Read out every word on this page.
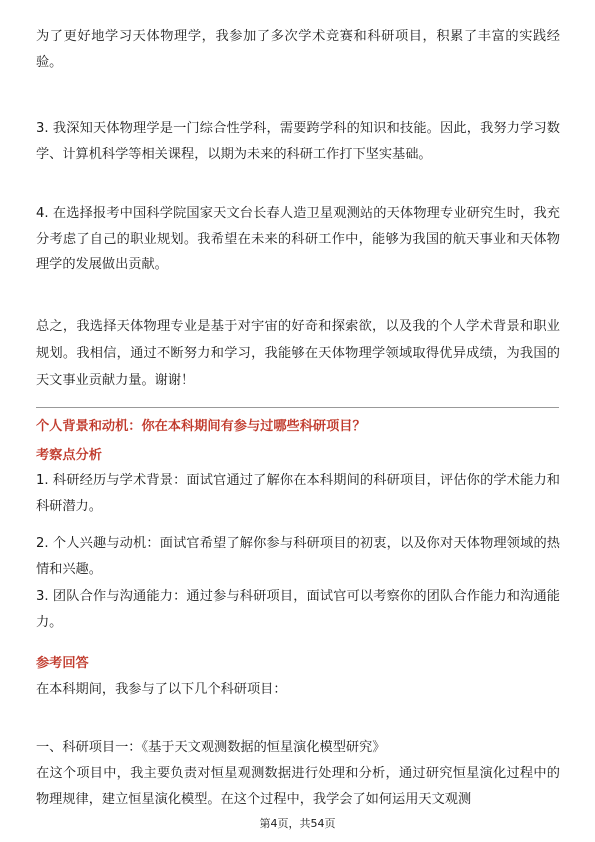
为了更好地学习天体物理学，我参加了多次学术竞赛和科研项目，积累了丰富的实践经验。

3. 我深知天体物理学是一门综合性学科，需要跨学科的知识和技能。因此，我努力学习数学、计算机科学等相关课程，以期为未来的科研工作打下坚实基础。

4. 在选择报考中国科学院国家天文台长春人造卫星观测站的天体物理专业研究生时，我充分考虑了自己的职业规划。我希望在未来的科研工作中，能够为我国的航天事业和天体物理学的发展做出贡献。

总之，我选择天体物理专业是基于对宇宙的好奇和探索欲，以及我的个人学术背景和职业规划。我相信，通过不断努力和学习，我能够在天体物理学领域取得优异成绩，为我国的天文事业贡献力量。谢谢！

个人背景和动机：你在本科期间有参与过哪些科研项目？

考察点分析

1. 科研经历与学术背景：面试官通过了解你在本科期间的科研项目，评估你的学术能力和科研潜力。

2. 个人兴趣与动机：面试官希望了解你参与科研项目的初衷，以及你对天体物理领域的热情和兴趣。

3. 团队合作与沟通能力：通过参与科研项目，面试官可以考察你的团队合作能力和沟通能力。

参考回答

在本科期间，我参与了以下几个科研项目：

一、科研项目一：《基于天文观测数据的恒星演化模型研究》

在这个项目中，我主要负责对恒星观测数据进行处理和分析，通过研究恒星演化过程中的物理规律，建立恒星演化模型。在这个过程中，我学会了如何运用天文观测

第4页，共54页
